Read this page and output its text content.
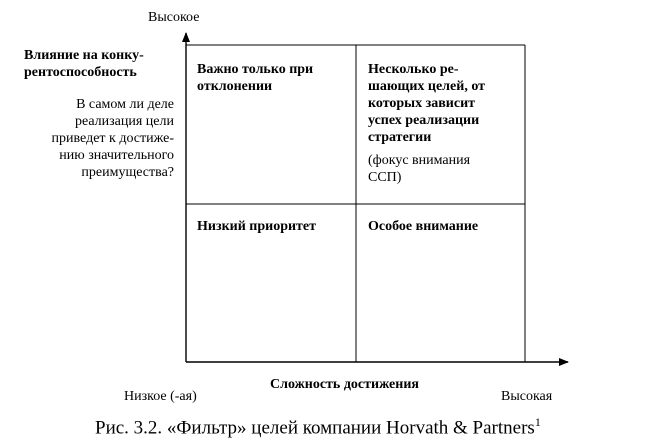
Высокое
Влияние на конку-
рентоспособность
В самом ли деле
реализация цели
приведет к достиже-
нию значительного
преимущества?
Важно только при
отклонении
Несколько ре-
шающих целей, от
которых зависит
успех реализации
стратегии
(фокус внимания
ССП)
Низкий приоритет	Особое внимание
Сложность достижения
Низкое (-ая)	Высокая
Рис. 3.2. «Фильтр» целей компании Horvath & Partners$^1$
